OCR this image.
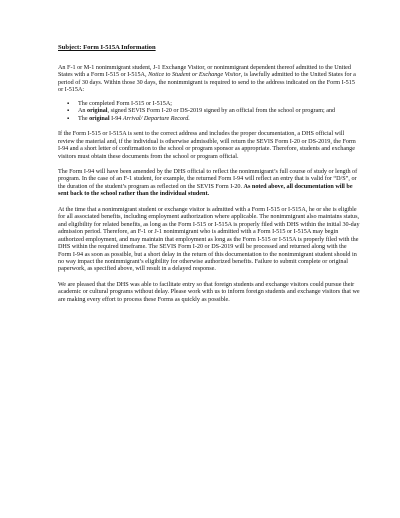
Subject: Form I-515A Information

An F-1 or M-1 nonimmigrant student, J-1 Exchange Visitor, or nonimmigrant dependent thereof admitted to the United States with a Form I-515 or I-515A, Notice to Student or Exchange Visitor, is lawfully admitted to the United States for a period of 30 days. Within those 30 days, the nonimmigrant is required to send to the address indicated on the Form I-515 or I-515A:

▪ The completed Form I-515 or I-515A;
▪ An original, signed SEVIS Form I-20 or DS-2019 signed by an official from the school or program; and
▪ The original I-94 Arrival/ Departure Record.

If the Form I-515 or I-515A is sent to the correct address and includes the proper documentation, a DHS official will review the material and, if the individual is otherwise admissible, will return the SEVIS Form I-20 or DS-2019, the Form I-94 and a short letter of confirmation to the school or program sponsor as appropriate. Therefore, students and exchange visitors must obtain these documents from the school or program official.

The Form I-94 will have been amended by the DHS official to reflect the nonimmigrant’s full course of study or length of program. In the case of an F-1 student, for example, the returned Form I-94 will reflect an entry that is valid for “D/S”, or the duration of the student’s program as reflected on the SEVIS Form I-20. As noted above, all documentation will be sent back to the school rather than the individual student.

At the time that a nonimmigrant student or exchange visitor is admitted with a Form I-515 or I-515A, he or she is eligible for all associated benefits, including employment authorization where applicable. The nonimmigrant also maintains status, and eligibility for related benefits, as long as the Form I-515 or I-515A is properly filed with DHS within the initial 30-day admission period. Therefore, an F-1 or J-1 nonimmigrant who is admitted with a Form I-515 or I-515A may begin authorized employment, and may maintain that employment as long as the Form I-515 or I-515A is properly filed with the DHS within the required timeframe. The SEVIS Form I-20 or DS-2019 will be processed and returned along with the Form I-94 as soon as possible, but a short delay in the return of this documentation to the nonimmigrant student should in no way impact the nonimmigrant’s eligibility for otherwise authorized benefits. Failure to submit complete or original paperwork, as specified above, will result in a delayed response.

We are pleased that the DHS was able to facilitate entry so that foreign students and exchange visitors could pursue their academic or cultural programs without delay. Please work with us to inform foreign students and exchange visitors that we are making every effort to process these Forms as quickly as possible.
